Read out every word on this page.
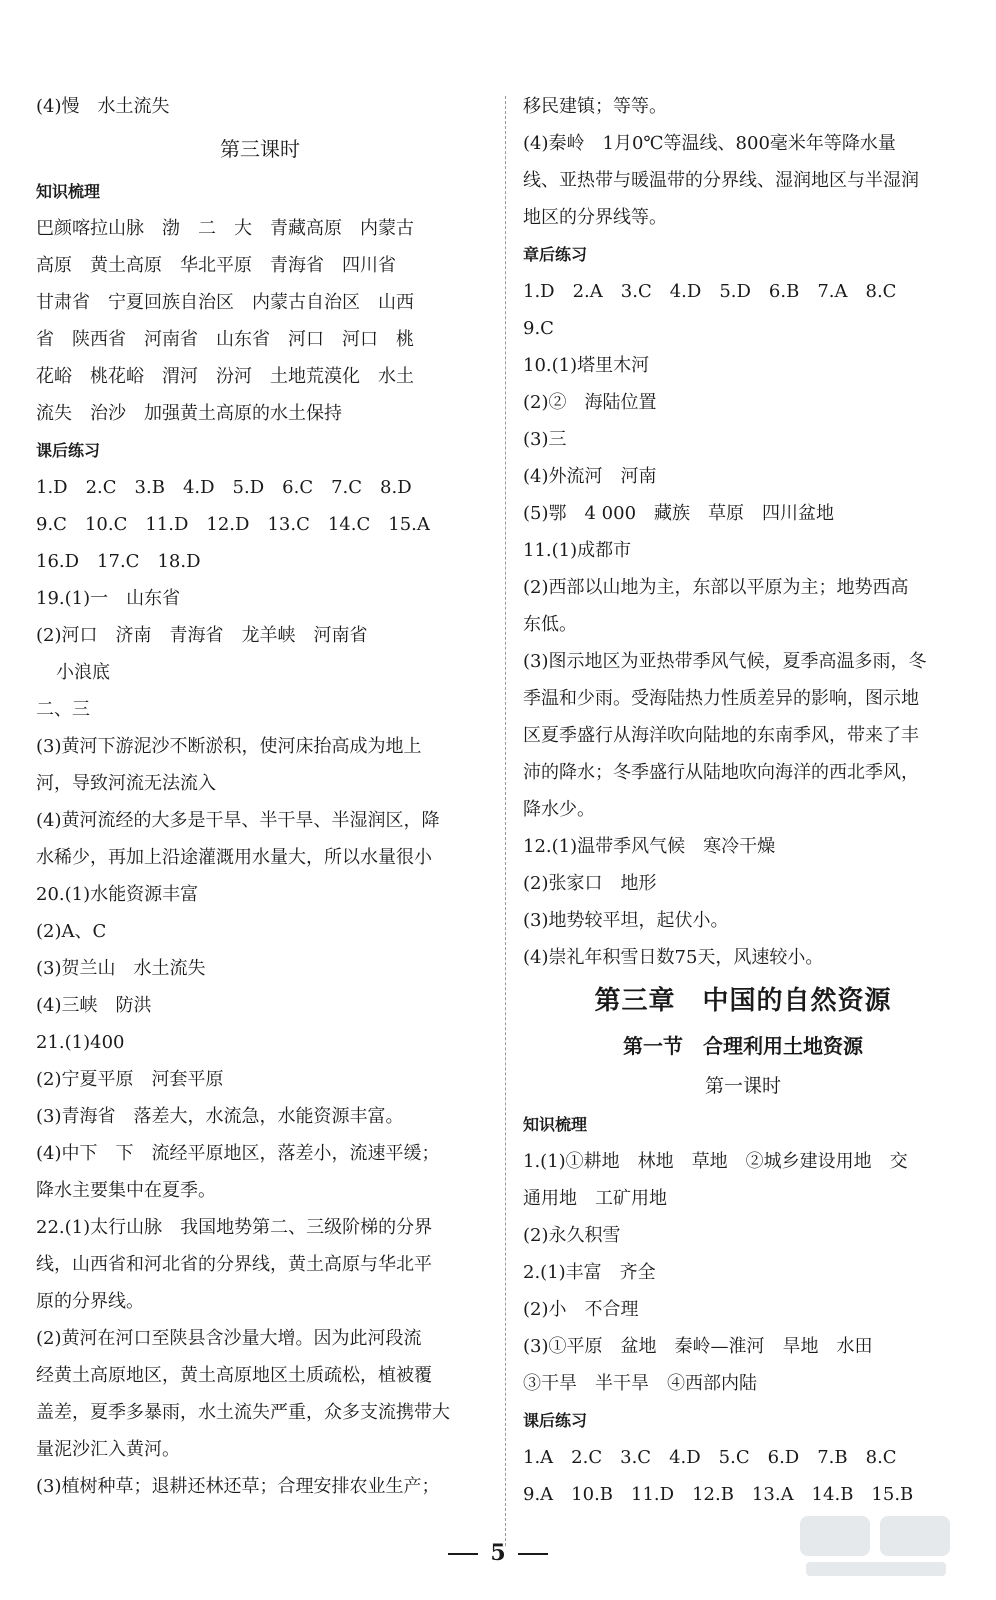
(4)慢　水土流失

第三课时

知识梳理

巴颜喀拉山脉　渤　二　大　青藏高原　内蒙古

高原　黄土高原　华北平原　青海省　四川省

甘肃省　宁夏回族自治区　内蒙古自治区　山西

省　陕西省　河南省　山东省　河口　河口　桃

花峪　桃花峪　渭河　汾河　土地荒漠化　水土

流失　治沙　加强黄土高原的水土保持

课后练习

1.D　2.C　3.B　4.D　5.D　6.C　7.C　8.D

9.C　10.C　11.D　12.D　13.C　14.C　15.A

16.D　17.C　18.D

19.(1)一　山东省

(2)河口　济南　青海省　龙羊峡　河南省

小浪底

二、三

(3)黄河下游泥沙不断淤积，使河床抬高成为地上

河，导致河流无法流入

(4)黄河流经的大多是干旱、半干旱、半湿润区，降

水稀少，再加上沿途灌溉用水量大，所以水量很小

20.(1)水能资源丰富

(2)A、C

(3)贺兰山　水土流失

(4)三峡　防洪

21.(1)400

(2)宁夏平原　河套平原

(3)青海省　落差大，水流急，水能资源丰富。

(4)中下　下　流经平原地区，落差小，流速平缓；

降水主要集中在夏季。

22.(1)太行山脉　我国地势第二、三级阶梯的分界

线，山西省和河北省的分界线，黄土高原与华北平

原的分界线。

(2)黄河在河口至陕县含沙量大增。因为此河段流

经黄土高原地区，黄土高原地区土质疏松，植被覆

盖差，夏季多暴雨，水土流失严重，众多支流携带大

量泥沙汇入黄河。

(3)植树种草；退耕还林还草；合理安排农业生产；

移民建镇；等等。

(4)秦岭　1月0℃等温线、800毫米年等降水量

线、亚热带与暖温带的分界线、湿润地区与半湿润

地区的分界线等。

章后练习

1.D　2.A　3.C　4.D　5.D　6.B　7.A　8.C

9.C

10.(1)塔里木河

(2)②　海陆位置

(3)三

(4)外流河　河南

(5)鄂　4 000　藏族　草原　四川盆地

11.(1)成都市

(2)西部以山地为主，东部以平原为主；地势西高

东低。

(3)图示地区为亚热带季风气候，夏季高温多雨，冬

季温和少雨。受海陆热力性质差异的影响，图示地

区夏季盛行从海洋吹向陆地的东南季风，带来了丰

沛的降水；冬季盛行从陆地吹向海洋的西北季风，

降水少。

12.(1)温带季风气候　寒冷干燥

(2)张家口　地形

(3)地势较平坦，起伏小。

(4)崇礼年积雪日数75天，风速较小。

第三章　中国的自然资源

第一节　合理利用土地资源

第一课时

知识梳理

1.(1)①耕地　林地　草地　②城乡建设用地　交

通用地　工矿用地

(2)永久积雪

2.(1)丰富　齐全

(2)小　不合理

(3)①平原　盆地　秦岭—淮河　旱地　水田

③干旱　半干旱　④西部内陆

课后练习

1.A　2.C　3.C　4.D　5.C　6.D　7.B　8.C

9.A　10.B　11.D　12.B　13.A　14.B　15.B

5
